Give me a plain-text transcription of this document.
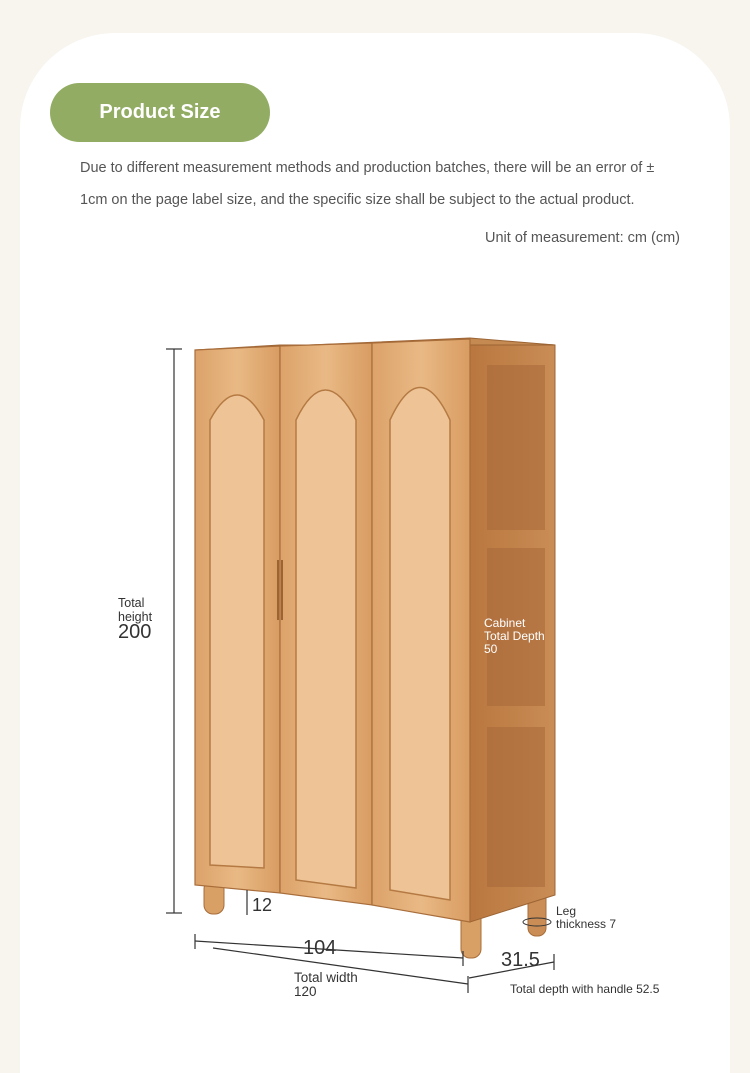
Product Size
Due to different measurement methods and production batches, there will be an error of ±
1cm on the page label size, and the specific size shall be subject to the actual product.
Unit of measurement: cm (cm)
Total
height
200	Cabinet
Total Depth
50
12	Leg
thickness 7
104
31.5
Total width
120	Total depth with handle 52.5
